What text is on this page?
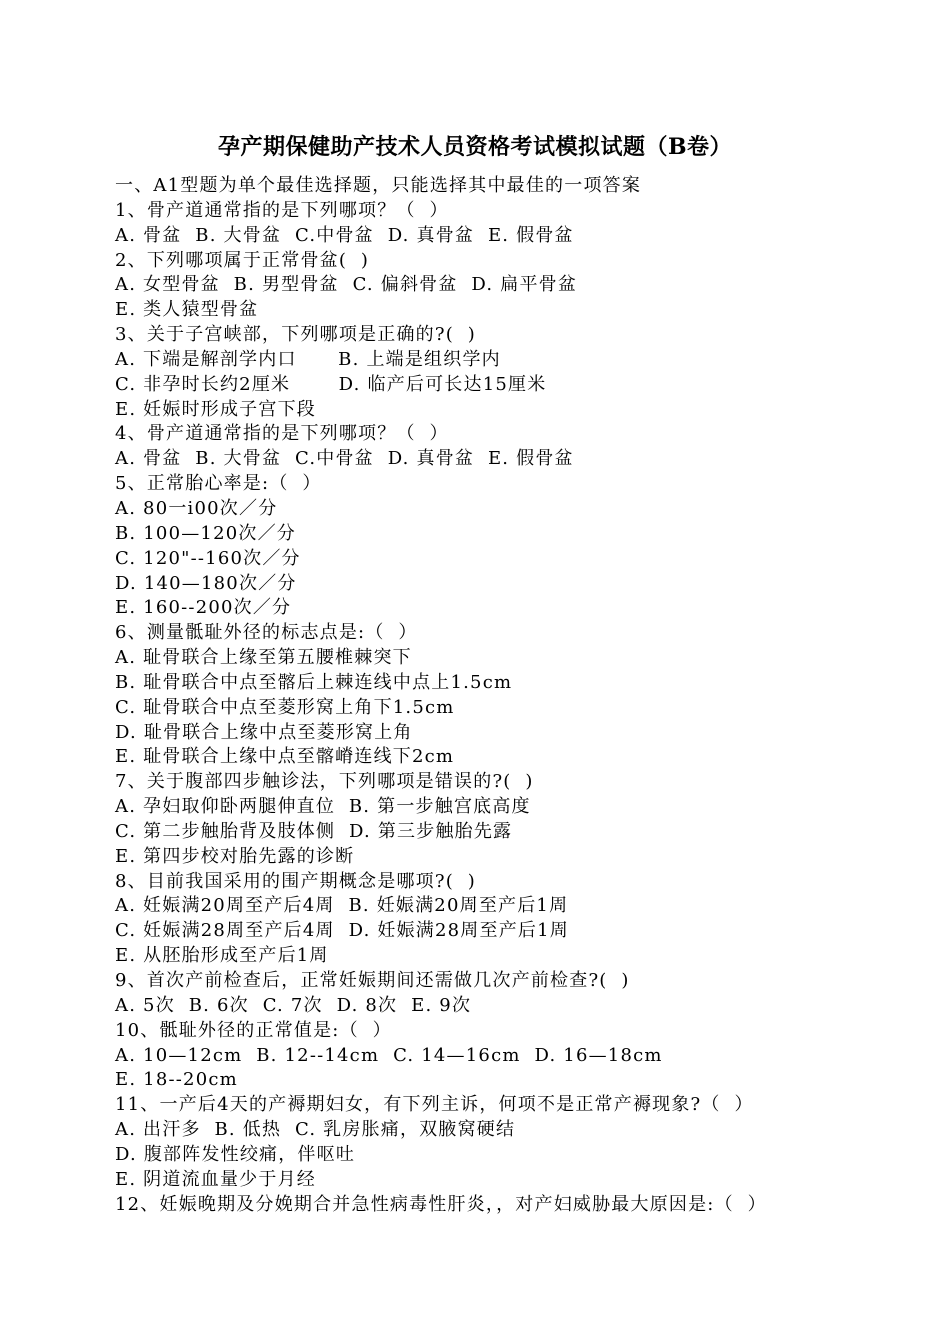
孕产期保健助产技术人员资格考试模拟试题（B卷）
一、A1型题为单个最佳选择题，只能选择其中最佳的一项答案
1、骨产道通常指的是下列哪项？（  ）
A. 骨盆  B. 大骨盆  C.中骨盆  D. 真骨盆  E. 假骨盆
2、下列哪项属于正常骨盆(  )
A. 女型骨盆  B. 男型骨盆  C. 偏斜骨盆  D. 扁平骨盆
E. 类人猿型骨盆
3、关于子宫峡部，下列哪项是正确的?(  )
A. 下端是解剖学内口      B. 上端是组织学内
C. 非孕时长约2厘米       D. 临产后可长达15厘米
E. 妊娠时形成子宫下段
4、骨产道通常指的是下列哪项？（  ）
A. 骨盆  B. 大骨盆  C.中骨盆  D. 真骨盆  E. 假骨盆
5、正常胎心率是:（  ）
A. 80一i00次／分
B. 100—120次／分
C. 120"--160次／分
D. 140—180次／分
E. 160--200次／分
6、测量骶耻外径的标志点是:（  ）
A. 耻骨联合上缘至第五腰椎棘突下
B. 耻骨联合中点至髂后上棘连线中点上1.5cm
C. 耻骨联合中点至菱形窝上角下1.5cm
D. 耻骨联合上缘中点至菱形窝上角
E. 耻骨联合上缘中点至髂嵴连线下2cm
7、关于腹部四步触诊法，下列哪项是错误的?(  )
A. 孕妇取仰卧两腿伸直位  B. 第一步触宫底高度
C. 第二步触胎背及肢体侧  D. 第三步触胎先露
E. 第四步校对胎先露的诊断
8、目前我国采用的围产期概念是哪项?(  )
A. 妊娠满20周至产后4周  B. 妊娠满20周至产后1周
C. 妊娠满28周至产后4周  D. 妊娠满28周至产后1周
E. 从胚胎形成至产后1周
9、首次产前检查后，正常妊娠期间还需做几次产前检查?(  )
A. 5次  B. 6次  C. 7次  D. 8次  E. 9次
10、骶耻外径的正常值是:（  ）
A. 10—12cm  B. 12--14cm  C. 14—16cm  D. 16—18cm
E. 18--20cm
11、一产后4天的产褥期妇女，有下列主诉，何项不是正常产褥现象?（  ）
A. 出汗多  B. 低热  C. 乳房胀痛，双腋窝硬结
D. 腹部阵发性绞痛，伴呕吐
E. 阴道流血量少于月经
12、妊娠晚期及分娩期合并急性病毒性肝炎，，对产妇威胁最大原因是:（  ）
